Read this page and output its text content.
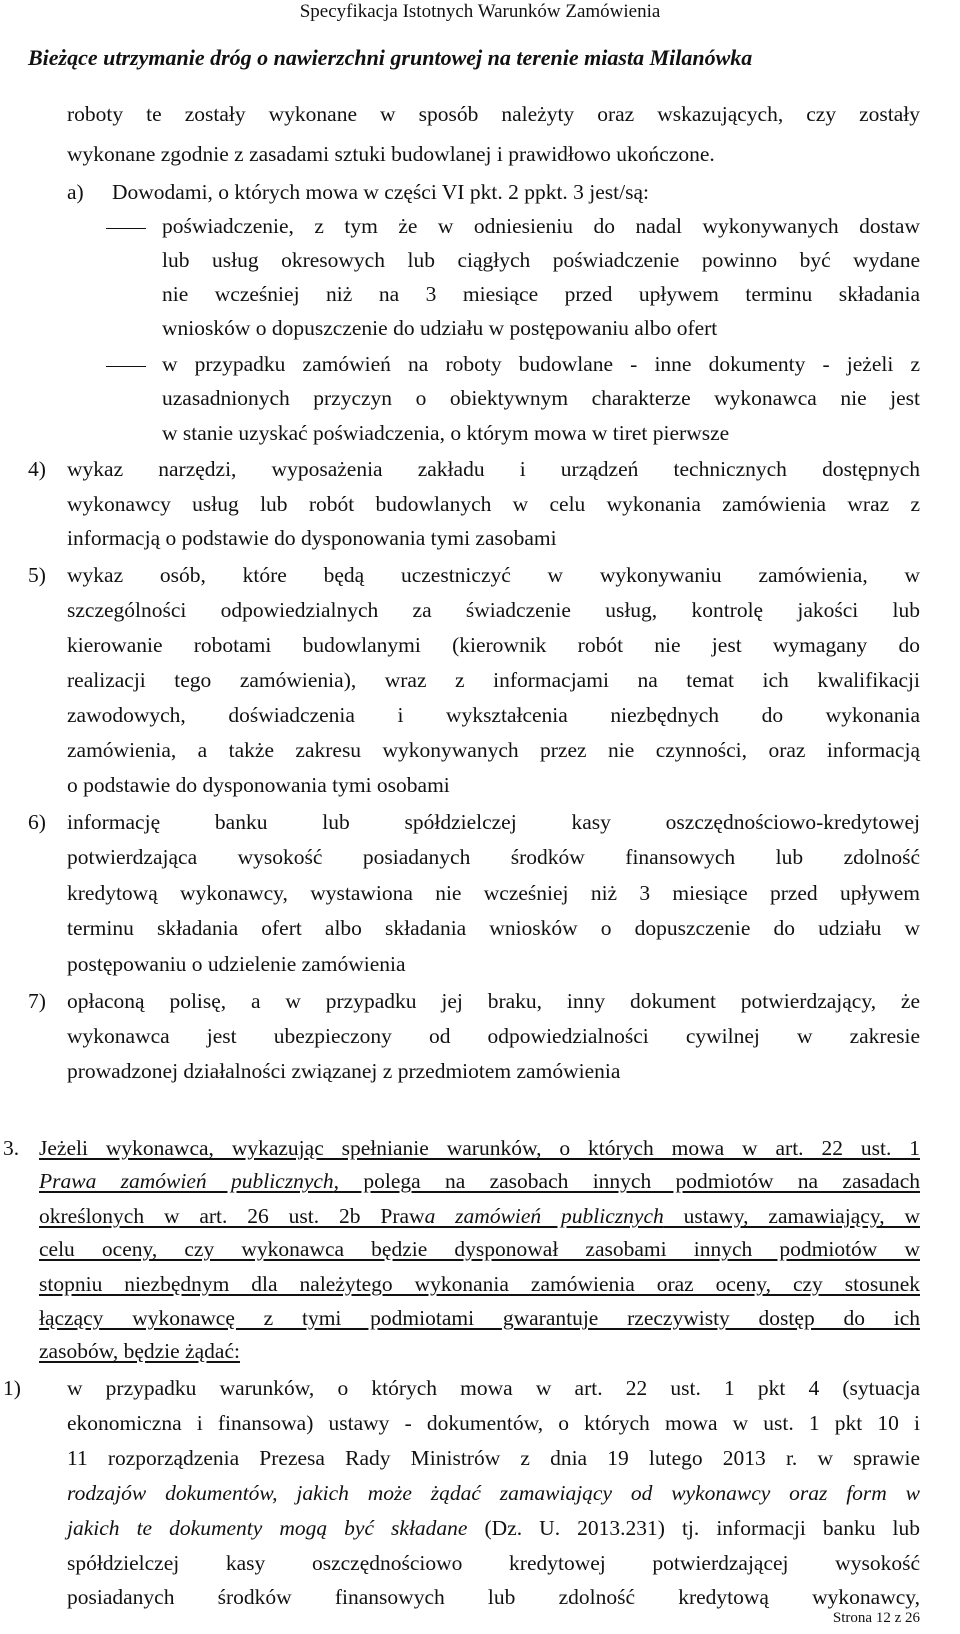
Specyfikacja Istotnych Warunków Zamówienia
Bieżące utrzymanie dróg o nawierzchni gruntowej na terenie miasta Milanówka
roboty te zostały wykonane w sposób należyty oraz wskazujących, czy zostały
wykonane zgodnie z zasadami sztuki budowlanej i prawidłowo ukończone.
a) Dowodami, o których mowa w części VI pkt. 2 ppkt. 3 jest/są:
poświadczenie, z tym że w odniesieniu do nadal wykonywanych dostaw
lub usług okresowych lub ciągłych poświadczenie powinno być wydane
nie wcześniej niż na 3 miesiące przed upływem terminu składania
wniosków o dopuszczenie do udziału w postępowaniu albo ofert
w przypadku zamówień na roboty budowlane - inne dokumenty - jeżeli z
uzasadnionych przyczyn o obiektywnym charakterze wykonawca nie jest
w stanie uzyskać poświadczenia, o którym mowa w tiret pierwsze
4) wykaz narzędzi, wyposażenia zakładu i urządzeń technicznych dostępnych
wykonawcy usług lub robót budowlanych w celu wykonania zamówienia wraz z
informacją o podstawie do dysponowania tymi zasobami
5) wykaz osób, które będą uczestniczyć w wykonywaniu zamówienia, w
szczególności odpowiedzialnych za świadczenie usług, kontrolę jakości lub
kierowanie robotami budowlanymi (kierownik robót nie jest wymagany do
realizacji tego zamówienia), wraz z informacjami na temat ich kwalifikacji
zawodowych, doświadczenia i wykształcenia niezbędnych do wykonania
zamówienia, a także zakresu wykonywanych przez nie czynności, oraz informacją
o podstawie do dysponowania tymi osobami
6) informację banku lub spółdzielczej kasy oszczędnościowo-kredytowej
potwierdzająca wysokość posiadanych środków finansowych lub zdolność
kredytową wykonawcy, wystawiona nie wcześniej niż 3 miesiące przed upływem
terminu składania ofert albo składania wniosków o dopuszczenie do udziału w
postępowaniu o udzielenie zamówienia
7) opłaconą polisę, a w przypadku jej braku, inny dokument potwierdzający, że
wykonawca jest ubezpieczony od odpowiedzialności cywilnej w zakresie
prowadzonej działalności związanej z przedmiotem zamówienia
3. Jeżeli wykonawca, wykazując spełnianie warunków, o których mowa w art. 22 ust. 1
Prawa zamówień publicznych, polega na zasobach innych podmiotów na zasadach
określonych w art. 26 ust. 2b Prawa zamówień publicznych ustawy, zamawiający, w
celu oceny, czy wykonawca będzie dysponował zasobami innych podmiotów w
stopniu niezbędnym dla należytego wykonania zamówienia oraz oceny, czy stosunek
łączący wykonawcę z tymi podmiotami gwarantuje rzeczywisty dostęp do ich
zasobów, będzie żądać:
1) w przypadku warunków, o których mowa w art. 22 ust. 1 pkt 4 (sytuacja
ekonomiczna i finansowa) ustawy - dokumentów, o których mowa w ust. 1 pkt 10 i
11 rozporządzenia Prezesa Rady Ministrów z dnia 19 lutego 2013 r. w sprawie
rodzajów dokumentów, jakich może żądać zamawiający od wykonawcy oraz form w
jakich te dokumenty mogą być składane (Dz. U. 2013.231) tj. informacji banku lub
spółdzielczej kasy oszczędnościowo kredytowej potwierdzającej wysokość
posiadanych środków finansowych lub zdolność kredytową wykonawcy,
Strona 12 z 26
